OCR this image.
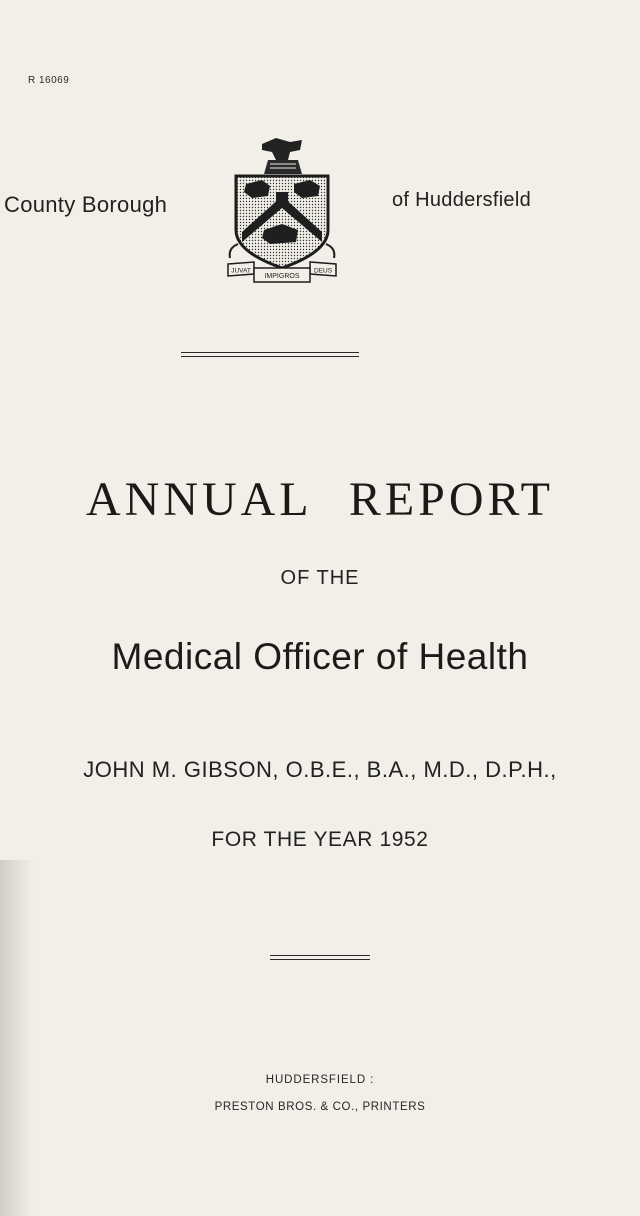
R 16069
County Borough
JUVAT
IMPIGROS
DEUS
of Huddersfield
ANNUAL REPORT
OF THE
Medical Officer of Health
JOHN M. GIBSON, O.B.E., B.A., M.D., D.P.H.,
FOR THE YEAR 1952
HUDDERSFIELD :
PRESTON BROS. & CO., PRINTERS
